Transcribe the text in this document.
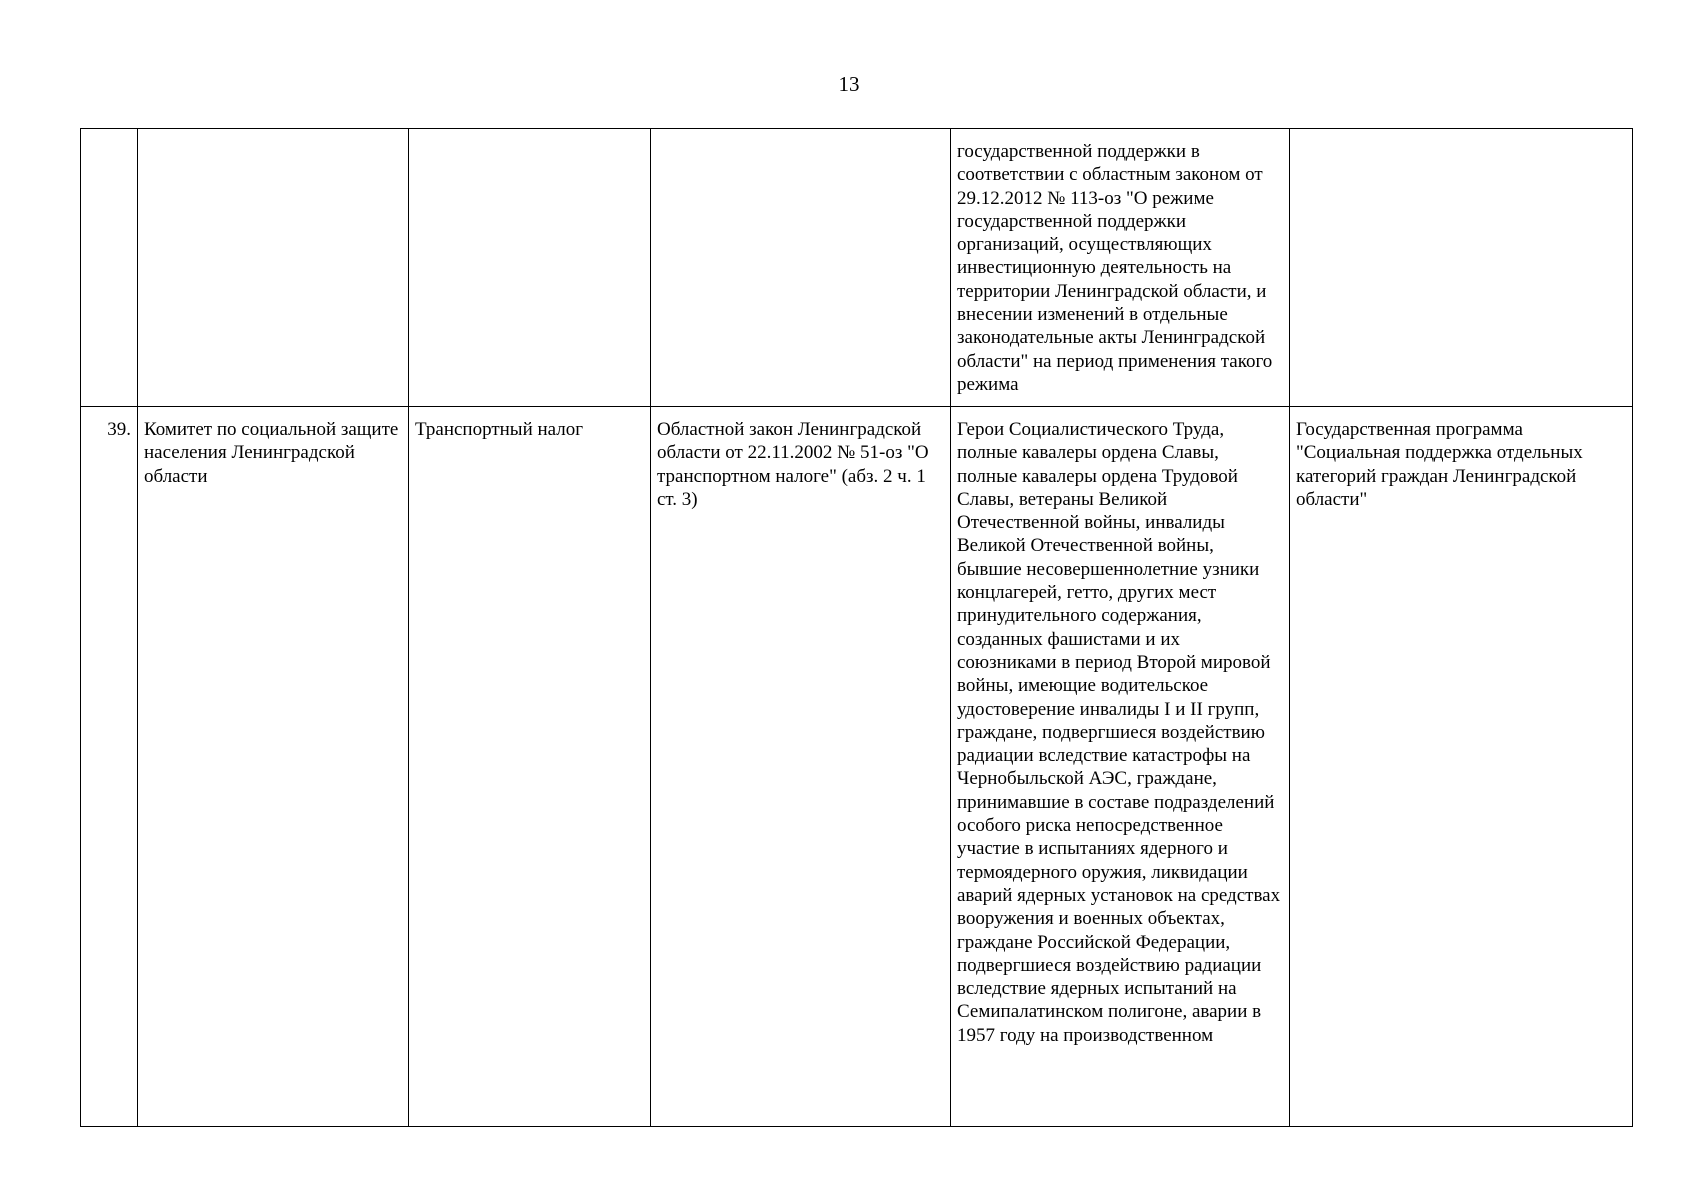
13
				государственной поддержки в соответствии с областным законом от 29.12.2012 № 113-оз "О режиме государственной поддержки организаций, осуществляющих инвестиционную деятельность на территории Ленинградской области, и внесении изменений в отдельные законодательные акты Ленинградской области" на период применения такого режима	
39.	Комитет по социальной защите населения Ленинградской области	Транспортный налог	Областной закон Ленинградской области от 22.11.2002 № 51-оз "О транспортном налоге" (абз. 2 ч. 1 ст. 3)	Герои Социалистического Труда, полные кавалеры ордена Славы, полные кавалеры ордена Трудовой Славы, ветераны Великой Отечественной войны, инвалиды Великой Отечественной войны, бывшие несовершеннолетние узники концлагерей, гетто, других мест принудительного содержания, созданных фашистами и их союзниками в период Второй мировой войны, имеющие водительское удостоверение инвалиды I и II групп, граждане, подвергшиеся воздействию радиации вследствие катастрофы на Чернобыльской АЭС, граждане, принимавшие в составе подразделений особого риска непосредственное участие в испытаниях ядерного и термоядерного оружия, ликвидации аварий ядерных установок на средствах вооружения и военных объектах, граждане Российской Федерации, подвергшиеся воздействию радиации вследствие ядерных испытаний на Семипалатинском полигоне, аварии в 1957 году на производственном	Государственная программа "Социальная поддержка отдельных категорий граждан Ленинградской области"
